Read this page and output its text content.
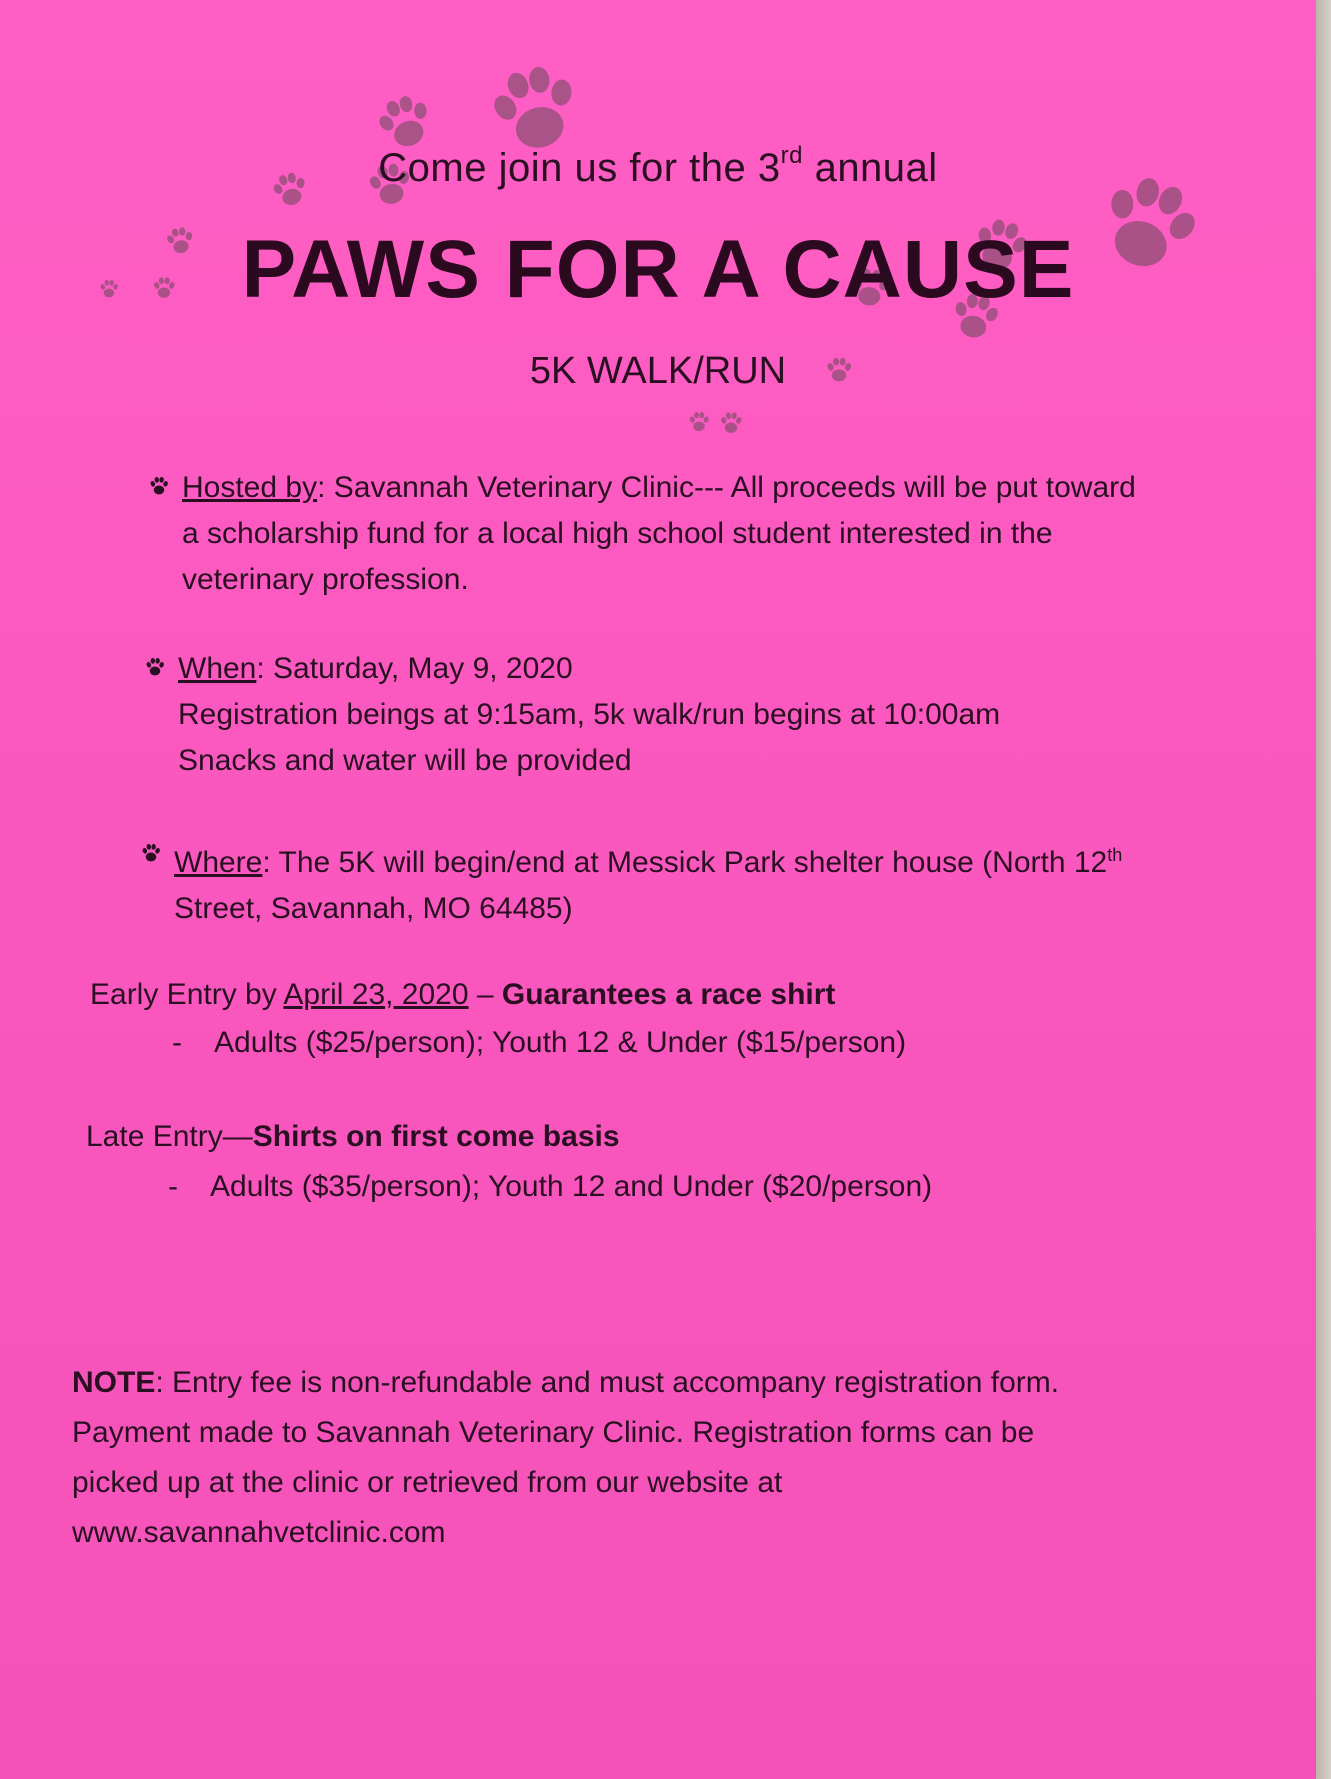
Come join us for the 3rd annual
PAWS FOR A CAUSE
5K WALK/RUN
Hosted by: Savannah Veterinary Clinic--- All proceeds will be put toward
a scholarship fund for a local high school student interested in the
veterinary profession.
When: Saturday, May 9, 2020
Registration beings at 9:15am, 5k walk/run begins at 10:00am
Snacks and water will be provided
Where: The 5K will begin/end at Messick Park shelter house (North 12th
Street, Savannah, MO 64485)
Early Entry by April 23, 2020 – Guarantees a race shirt
- Adults ($25/person); Youth 12 & Under ($15/person)
Late Entry—Shirts on first come basis
- Adults ($35/person); Youth 12 and Under ($20/person)
NOTE: Entry fee is non-refundable and must accompany registration form.
Payment made to Savannah Veterinary Clinic. Registration forms can be
picked up at the clinic or retrieved from our website at
www.savannahvetclinic.com
